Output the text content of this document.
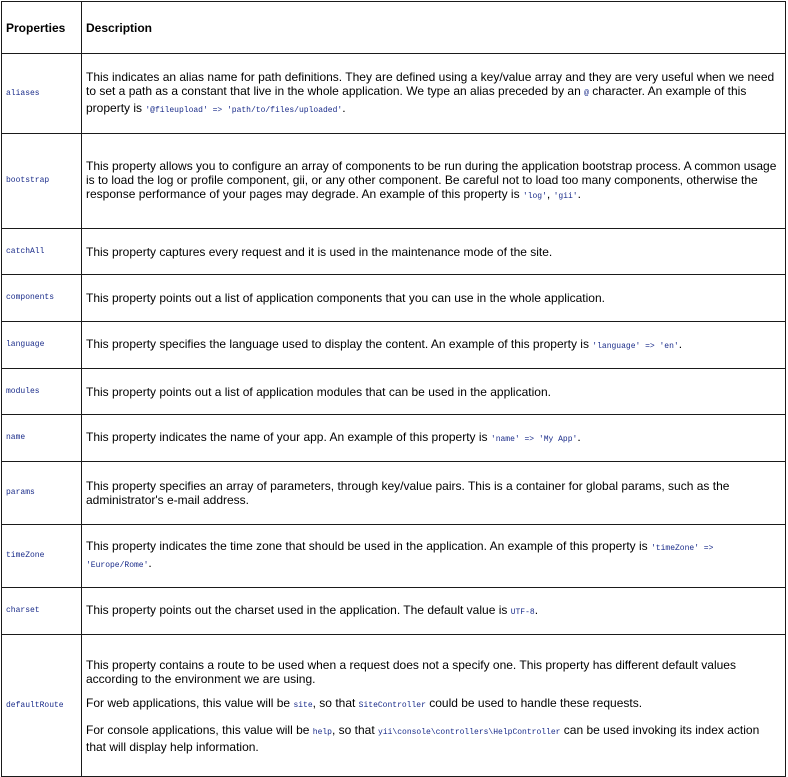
Properties	Description
aliases	This indicates an alias name for path definitions. They are defined using a key/value array and they are very useful when we need to set a path as a constant that live in the whole application. We type an alias preceded by an @ character. An example of this property is '@fileupload' => 'path/to/files/uploaded'.

bootstrap	This property allows you to configure an array of components to be run during the application bootstrap process. A common usage is to load the log or profile component, gii, or any other component. Be careful not to load too many components, otherwise the response performance of your pages may degrade. An example of this property is 'log', 'gii'.

catchAll	This property captures every request and it is used in the maintenance mode of the site.

components	This property points out a list of application components that you can use in the whole application.

language	This property specifies the language used to display the content. An example of this property is 'language' => 'en'.

modules	This property points out a list of application modules that can be used in the application.

name	This property indicates the name of your app. An example of this property is 'name' => 'My App'.

params	This property specifies an array of parameters, through key/value pairs. This is a container for global params, such as the administrator's e-mail address.

timeZone	This property indicates the time zone that should be used in the application. An example of this property is 'timeZone' => 'Europe/Rome'.

charset	This property points out the charset used in the application. The default value is UTF-8.

defaultRoute	This property contains a route to be used when a request does not a specify one. This property has different default values according to the environment we are using.

For web applications, this value will be site, so that SiteController could be used to handle these requests.

For console applications, this value will be help, so that yii\console\controllers\HelpController can be used invoking its index action that will display help information.
